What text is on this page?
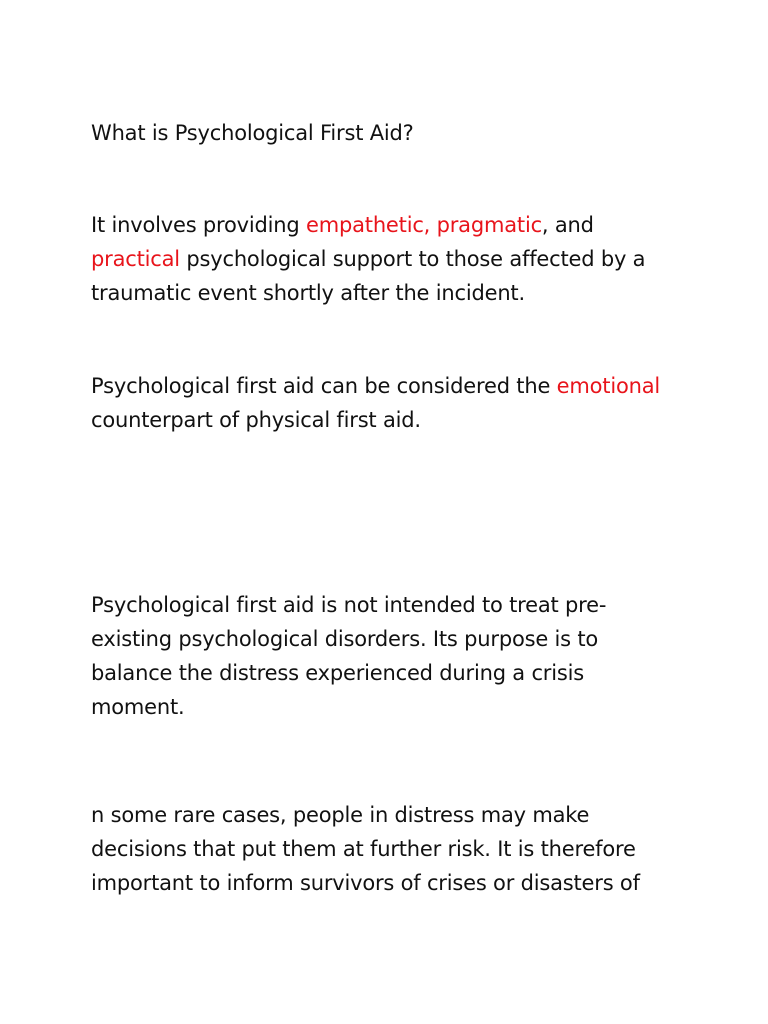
What is Psychological First Aid?

It involves providing empathetic, pragmatic, and
practical psychological support to those affected by a
traumatic event shortly after the incident.

Psychological first aid can be considered the emotional
counterpart of physical first aid.

Psychological first aid is not intended to treat pre-
existing psychological disorders. Its purpose is to
balance the distress experienced during a crisis
moment.

n some rare cases, people in distress may make
decisions that put them at further risk. It is therefore
important to inform survivors of crises or disasters of
